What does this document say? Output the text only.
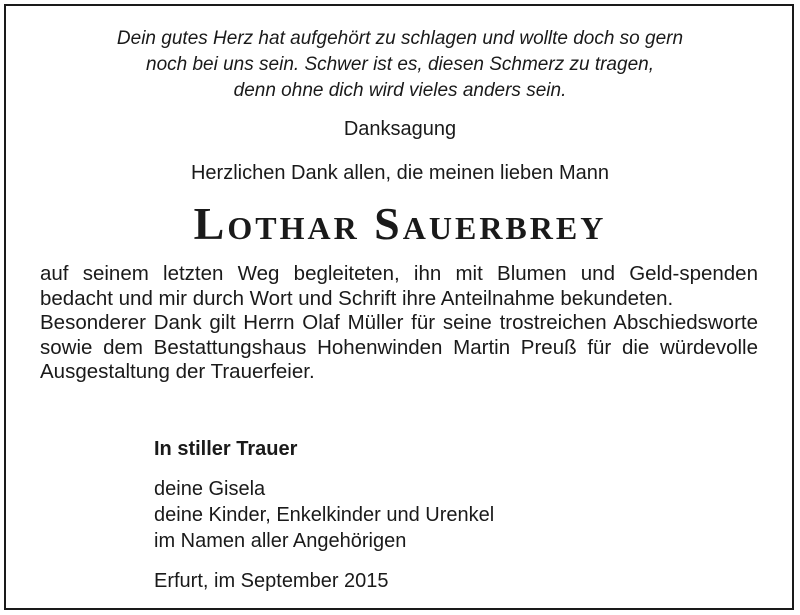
Dein gutes Herz hat aufgehört zu schlagen und wollte doch so gern
noch bei uns sein. Schwer ist es, diesen Schmerz zu tragen,
denn ohne dich wird vieles anders sein.
Danksagung
Herzlichen Dank allen, die meinen lieben Mann
Lothar Sauerbrey

auf seinem letzten Weg begleiteten, ihn mit Blumen und Geld-spenden bedacht und mir durch Wort und Schrift ihre Anteilnahme bekundeten.

Besonderer Dank gilt Herrn Olaf Müller für seine trostreichen Abschiedsworte sowie dem Bestattungshaus Hohenwinden Martin Preuß für die würdevolle Ausgestaltung der Trauerfeier.

In stiller Trauer
deine Gisela
deine Kinder, Enkelkinder und Urenkel
im Namen aller Angehörigen
Erfurt, im September 2015
